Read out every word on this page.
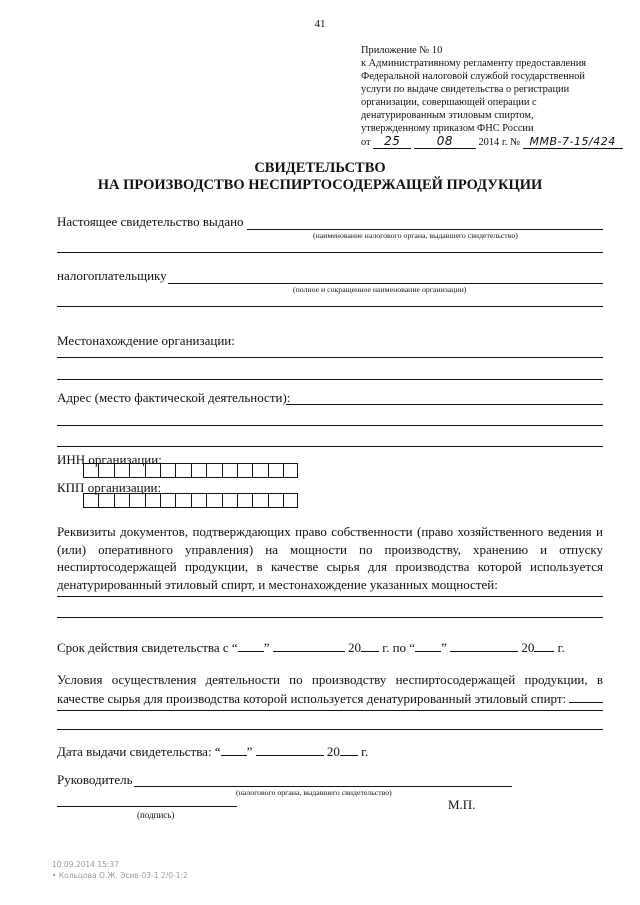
41
Приложение № 10
к Административному регламенту предоставления
Федеральной налоговой службой государственной
услуги по выдаче свидетельства о регистрации
организации, совершающей операции с
денатурированным этиловым спиртом,
утвержденному приказом ФНС России
от 25	08 2014 г. № ММВ-7-15/424
СВИДЕТЕЛЬСТВО
НА ПРОИЗВОДСТВО НЕСПИРТОСОДЕРЖАЩЕЙ ПРОДУКЦИИ
Настоящее свидетельство выдано
(наименование налогового органа, выдавшего свидетельство)
налогоплательщику
(полное и сокращенное наименование организации)
Местонахождение организации:
Адрес (место фактической деятельности):
ИНН организации:
КПП организации:
Реквизиты документов, подтверждающих право собственности (право хозяйственного ведения и
(или) оперативного управления) на мощности по производству, хранению и отпуску
неспиртосодержащей продукции, в качестве сырья для производства которой используется
денатурированный этиловый спирт, и местонахождение указанных мощностей:
Срок действия свидетельства с “ ”	20 г. по “ ”	20 г.
Условия осуществления деятельности по производству неспиртосодержащей продукции, в
качестве сырья для производства которой используется денатурированный этиловый спирт:
Дата выдачи свидетельства: “ ”	20 г.
Руководитель
(налогового органа, выдавшего свидетельство)
М.П.
(подпись)
10.09.2014 15:37
• Кольцова О.Ж. Эсив-03-1 2/0-1:2
